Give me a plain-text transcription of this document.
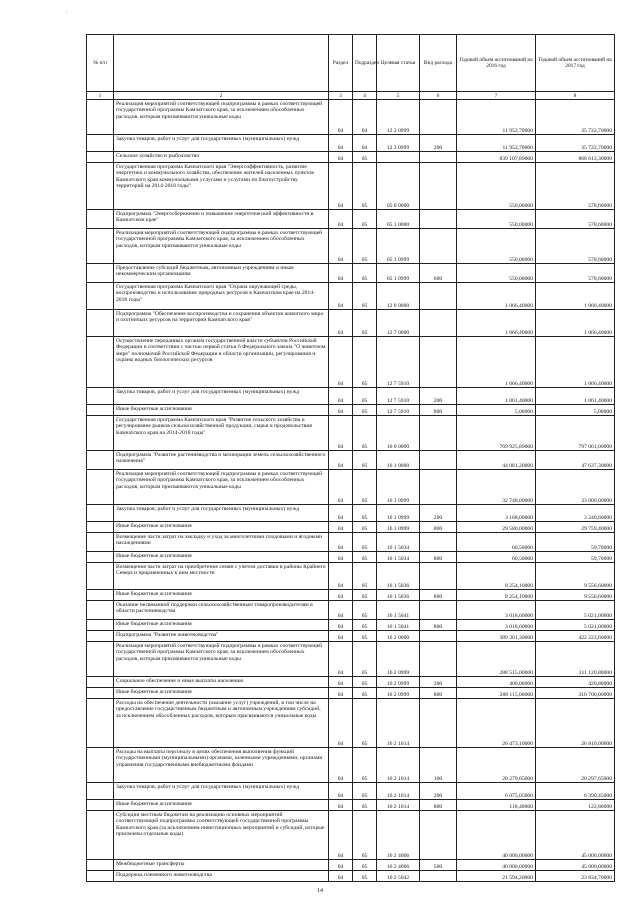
:
№ п/п		Раздел	Подраздел	Целевая статья	Вид расхода	Годовой объем ассигнований на 2016 год	Годовой объем ассигнований на 2017 год
1	2	3	4	5	6	7	8
	Реализация мероприятий соответствующей подпрограммы в рамках соответствующей государственной программы Камчатского края, за исключением обособленных расходов, которым присваиваются уникальные коды	04	04	12 2 0999		11 952,70000	35 722,70000
	Закупка товаров, работ и услуг для государственных (муниципальных) нужд	04	04	12 2 0999	200	11 952,70000	35 722,70000
	Сельское хозяйство и рыболовство	04	05			839 107,89000	868 613,30000
	Государственная программа Камчатского края "Энергоэффективность, развитие энергетики и коммунального хозяйства, обеспечение жителей населенных пунктов Камчатского края коммунальными услугами и услугами по благоустройству территорий на 2014-2018 годы"	04	05	05 0 0000		550,00000	578,60000
	Подпрограмма "Энергосбережение и повышение энергетической эффективности в Камчатском крае"	04	05	05 1 0000		550,00000	578,60000
	Реализация мероприятий соответствующей подпрограммы в рамках соответствующей государственной программы Камчатского края, за исключением обособленных расходов, которым присваиваются уникальные коды	04	05	05 1 0999		550,00000	578,60000
	Предоставление субсидий бюджетным, автономным учреждениям и иным некоммерческим организациям	04	05	05 1 0999	600	550,00000	578,60000
	Государственная программа Камчатского края "Охрана окружающей среды, воспроизводство и использование природных ресурсов в Камчатском крае на 2014-2018 годы"	04	05	12 0 0000		1 066,40000	1 066,40000
	Подпрограмма "Обеспечение воспроизводства и сохранения объектов животного мира и охотничьих ресурсов на территории Камчатского края"	04	05	12 7 0000		1 066,40000	1 066,40000
	Осуществление переданных органам государственной власти субъектов Российской Федерации в соответствии с частью первой статьи 6 Федерального закона "О животном мире" полномочий Российской Федерации в области организации, регулирования и охраны водных биологических ресурсов	04	05	12 7 5910		1 066,40000	1 066,40000
	Закупка товаров, работ и услуг для государственных (муниципальных) нужд	04	05	12 7 5910	200	1 061,40000	1 061,40000
	Иные бюджетные ассигнования	04	05	12 7 5910	800	5,00000	5,00000
	Государственная программа Камчатского края "Развитие сельского хозяйства и регулирование рынков сельскохозяйственной продукции, сырья и продовольствия Камчатского края на 2014-2018 годы"	04	05	16 0 0000		769 925,89000	797 061,00000
	Подпрограмма "Развитие растениеводства и мелиорации земель сельскохозяйственного назначения"	04	05	16 1 0000		44 081,20000	47 637,30000
	Реализация мероприятий соответствующей подпрограммы в рамках соответствующей государственной программы Камчатского края, за исключением обособленных расходов, которым присваиваются уникальные коды	04	05	16 1 0999		32 748,00000	33 000,00000
	Закупка товаров, работ и услуг для государственных (муниципальных) нужд	04	05	16 1 0999	200	3 168,00000	3 240,60000
	Иные бюджетные ассигнования	04	05	16 1 0999	800	29 580,00000	29 759,40000
	Возмещение части затрат на закладку и уход за многолетними плодовыми и ягодными насаждениями	04	05	16 1 5034		60,50000	59,70000
	Иные бюджетные ассигнования	04	05	16 1 5034	800	60,50000	59,70000
	Возмещение части затрат на приобретение семян с учетом доставки в районы Крайнего Севера и приравненных к ним местности	04	05	16 1 5036		8 254,10000	9 556,60000
	Иные бюджетные ассигнования	04	05	16 1 5036	800	8 254,10000	9 556,60000
	Оказание несвязанной поддержки сельскохозяйственным товаропроизводителям в области растениеводства	04	05	16 1 5041		3 018,60000	5 021,00000
	Иные бюджетные ассигнования	04	05	16 1 5041	800	3 018,60000	5 021,00000
	Подпрограмма "Развитие животноводства"	04	05	16 2 0000		389 301,30000	422 223,60000
	Реализация мероприятий соответствующей подпрограммы в рамках соответствующей государственной программы Камчатского края, за исключением обособленных расходов, которым присваиваются уникальные коды	04	05	16 2 0999		288 515,00000	311 120,80000
	Социальное обеспечение и иные выплаты населению	04	05	16 2 0999	300	400,00000	420,80000
	Иные бюджетные ассигнования	04	05	16 2 0999	800	288 115,00000	310 700,00000
	Расходы на обеспечение деятельности (оказание услуг) учреждений, в том числе на предоставление государственным бюджетным и автономным учреждениям субсидий, за исключением обособленных расходов, которым присваиваются уникальные коды	04	05	16 2 1014		26 473,10000	26 810,00000
	Расходы на выплаты персоналу в целях обеспечения выполнения функций государственными (муниципальными) органами, казенными учреждениями, органами управления государственными внебюджетными фондами	04	05	16 2 1014	100	20 279,65000	20 297,65000
	Закупка товаров, работ и услуг для государственных (муниципальных) нужд	04	05	16 2 1014	200	6 075,05000	6 390,45000
	Иные бюджетные ассигнования	04	05	16 2 1014	800	118,40000	122,80000
	Субсидии местным бюджетам на реализацию основных мероприятий соответствующей подпрограммы соответствующей государственной программы Камчатского края (за исключением инвестиционных мероприятий и субсидий, которые присвоены отдельные коды)	04	05	16 2 4006		40 000,00000	45 000,00000
	Межбюджетные трансферты	04	05	16 2 4006	500	40 000,00000	45 000,00000
	Поддержка племенного животноводства	04	05	16 2 5042		21 594,20000	23 834,70000
14
